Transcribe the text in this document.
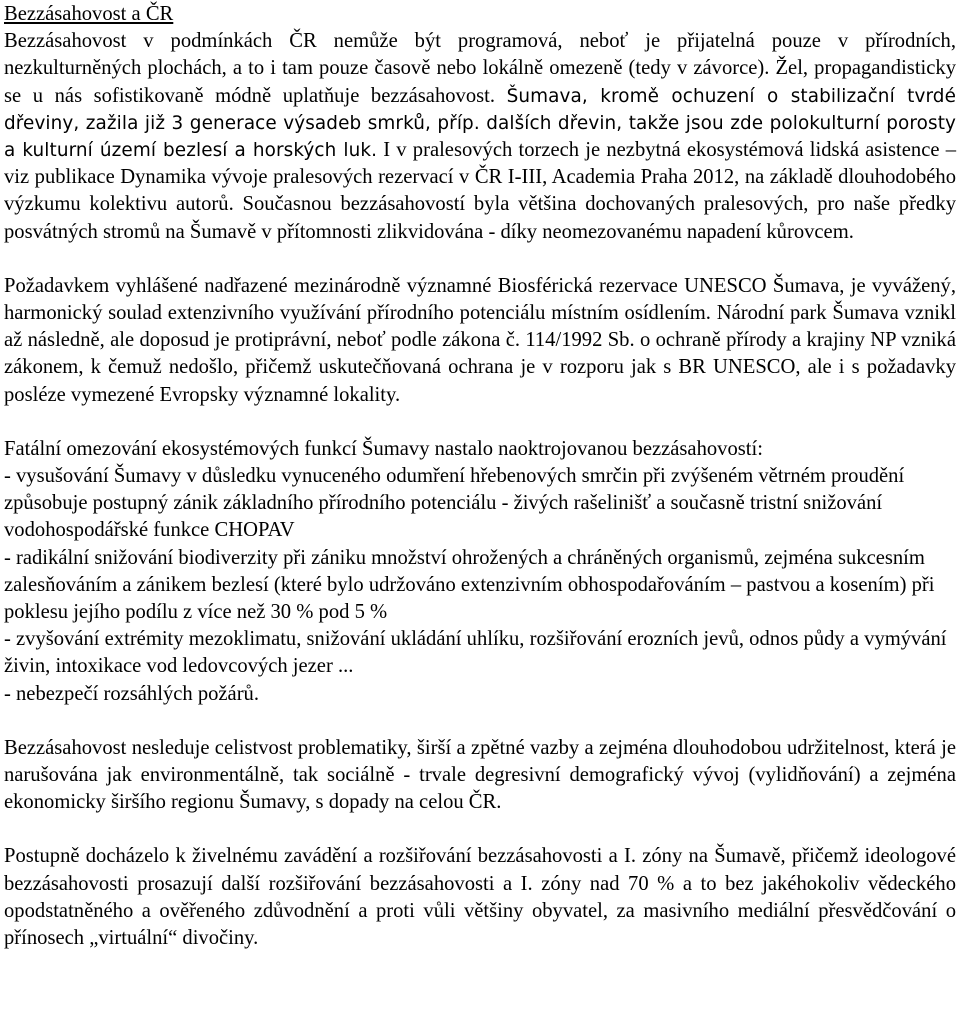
Bezzásahovost a ČR

Bezzásahovost v podmínkách ČR nemůže být programová, neboť je přijatelná pouze v přírodních, nezkulturněných plochách, a to i tam pouze časově nebo lokálně omezeně (tedy v závorce). Žel, propagandisticky se u nás sofistikovaně módně uplatňuje bezzásahovost. Šumava, kromě ochuzení o stabilizační tvrdé dřeviny, zažila již 3 generace výsadeb smrků, příp. dalších dřevin, takže jsou zde polokulturní porosty a kulturní území bezlesí a horských luk. I v pralesových torzech je nezbytná ekosystémová lidská asistence – viz publikace Dynamika vývoje pralesových rezervací v ČR I-III, Academia Praha 2012, na základě dlouhodobého výzkumu kolektivu autorů. Současnou bezzásahovostí byla většina dochovaných pralesových, pro naše předky posvátných stromů na Šumavě v přítomnosti zlikvidována - díky neomezovanému napadení kůrovcem.

Požadavkem vyhlášené nadřazené mezinárodně významné Biosférická rezervace UNESCO Šumava, je vyvážený, harmonický soulad extenzivního využívání přírodního potenciálu místním osídlením. Národní park Šumava vznikl až následně, ale doposud je protiprávní, neboť podle zákona č. 114/1992 Sb. o ochraně přírody a krajiny NP vzniká zákonem, k čemuž nedošlo, přičemž uskutečňovaná ochrana je v rozporu jak s BR UNESCO, ale i s požadavky posléze vymezené Evropsky významné lokality.

Fatální omezování ekosystémových funkcí Šumavy nastalo naoktrojovanou bezzásahovostí:

- vysušování Šumavy v důsledku vynuceného odumření hřebenových smrčin při zvýšeném větrném proudění způsobuje postupný zánik základního přírodního potenciálu - živých rašelinišť a současně tristní snižování vodohospodářské funkce CHOPAV

- radikální snižování biodiverzity při zániku množství ohrožených a chráněných organismů, zejména sukcesním zalesňováním a zánikem bezlesí (které bylo udržováno extenzivním obhospodařováním – pastvou a kosením) při poklesu jejího podílu z více než 30 % pod 5 %

- zvyšování extrémity mezoklimatu, snižování ukládání uhlíku, rozšiřování erozních jevů, odnos půdy a vymývání živin, intoxikace vod ledovcových jezer ...

- nebezpečí rozsáhlých požárů.

Bezzásahovost nesleduje celistvost problematiky, širší a zpětné vazby a zejména dlouhodobou udržitelnost, která je narušována jak environmentálně, tak sociálně - trvale degresivní demografický vývoj (vylidňování) a zejména ekonomicky širšího regionu Šumavy, s dopady na celou ČR.

Postupně docházelo k živelnému zavádění a rozšiřování bezzásahovosti a I. zóny na Šumavě, přičemž ideologové bezzásahovosti prosazují další rozšiřování bezzásahovosti a I. zóny nad 70 % a to bez jakéhokoliv vědeckého opodstatněného a ověřeného zdůvodnění a proti vůli většiny obyvatel, za masivního mediální přesvědčování o přínosech „virtuální“ divočiny.
